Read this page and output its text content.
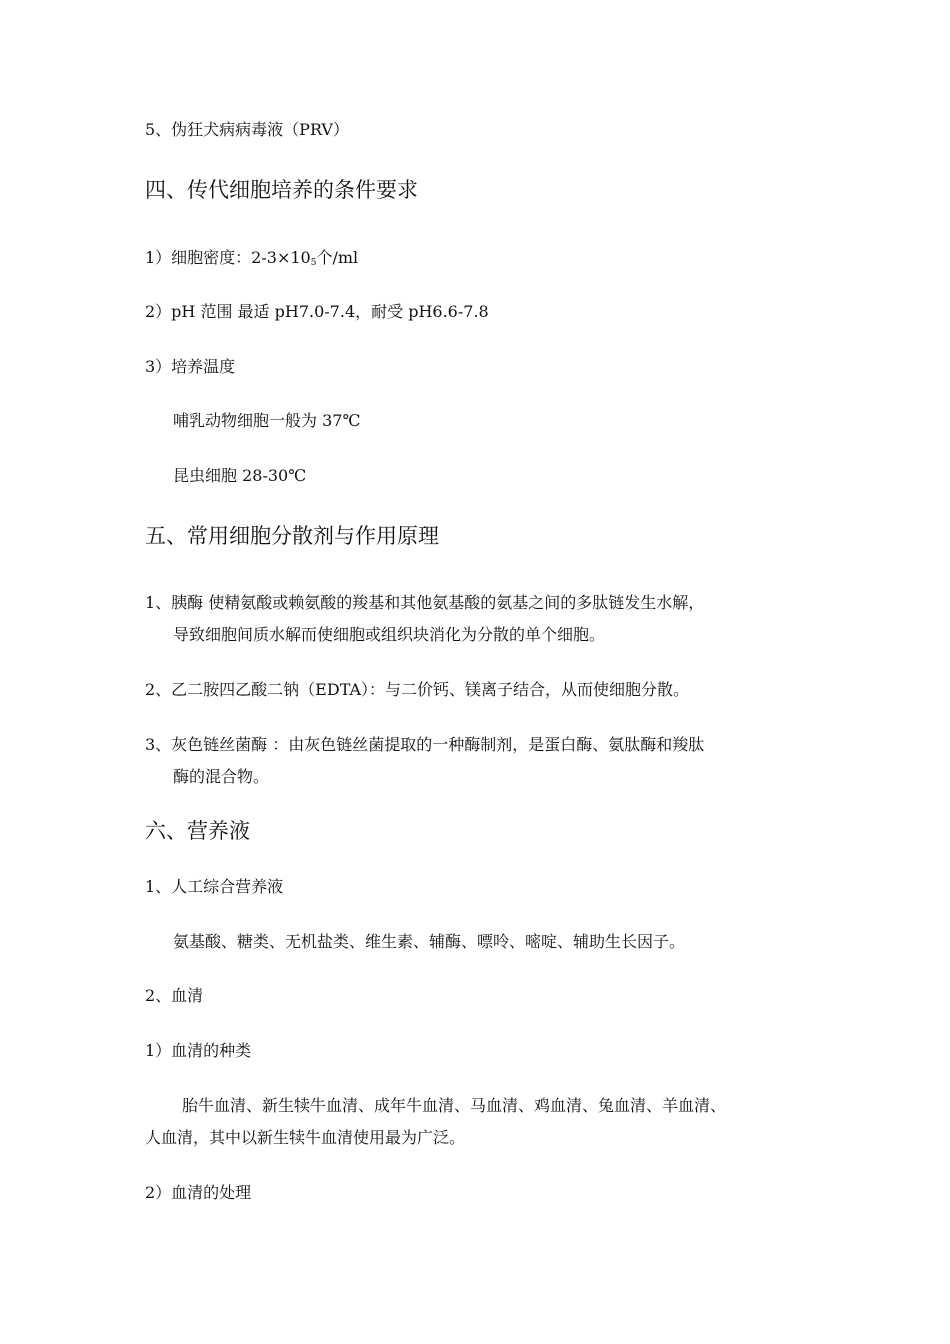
5、伪狂犬病病毒液（PRV）
四、传代细胞培养的条件要求
1）细胞密度：$2-3\times 10^5$个/ml
2）pH 范围 最适 pH7.0-7.4，耐受 pH6.6-7.8
3）培养温度
哺乳动物细胞一般为 37℃
昆虫细胞 28-30℃
五、常用细胞分散剂与作用原理
1、胰酶 使精氨酸或赖氨酸的羧基和其他氨基酸的氨基之间的多肽链发生水解，
导致细胞间质水解而使细胞或组织块消化为分散的单个细胞。
2、乙二胺四乙酸二钠（EDTA）：与二价钙、镁离子结合，从而使细胞分散。
3、灰色链丝菌酶 ：由灰色链丝菌提取的一种酶制剂，是蛋白酶、氨肽酶和羧肽
酶的混合物。
六、营养液
1、人工综合营养液
氨基酸、糖类、无机盐类、维生素、辅酶、嘌呤、嘧啶、辅助生长因子。
2、血清
1）血清的种类
胎牛血清、新生犊牛血清、成年牛血清、马血清、鸡血清、兔血清、羊血清、
人血清，其中以新生犊牛血清使用最为广泛。
2）血清的处理
